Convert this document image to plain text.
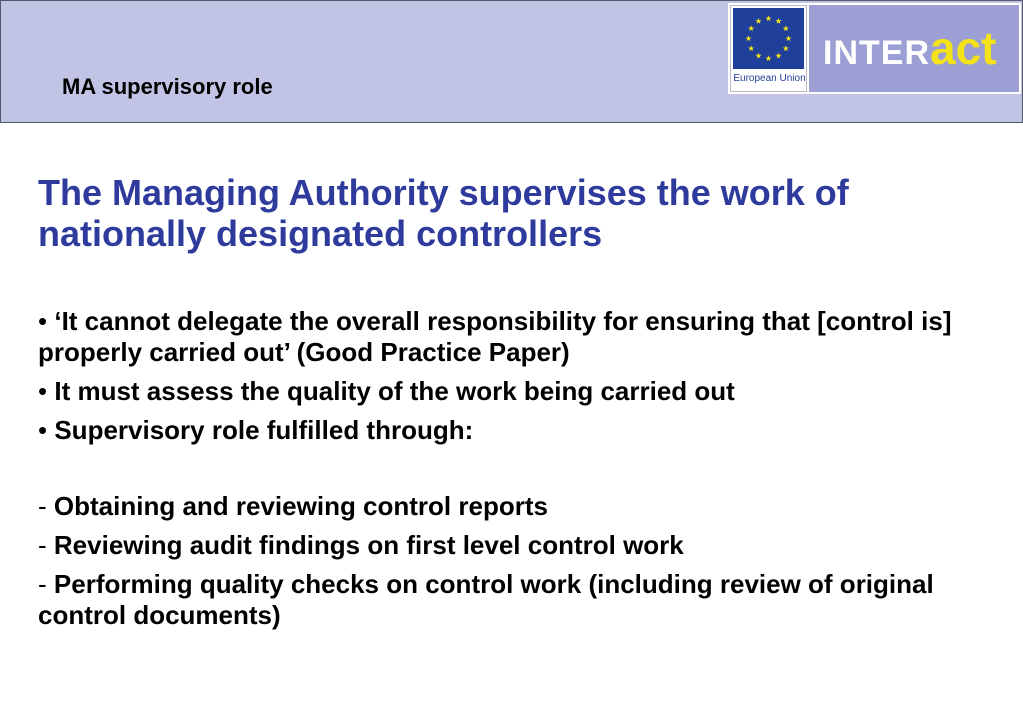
MA supervisory role	European Union
INTERact
The Managing Authority supervises the work of nationally designated controllers
• ‘It cannot delegate the overall responsibility for ensuring that [control is] properly carried out’ (Good Practice Paper)
• It must assess the quality of the work being carried out
• Supervisory role fulfilled through:
- Obtaining and reviewing control reports
- Reviewing audit findings on first level control work
- Performing quality checks on control work (including review of original control documents)
